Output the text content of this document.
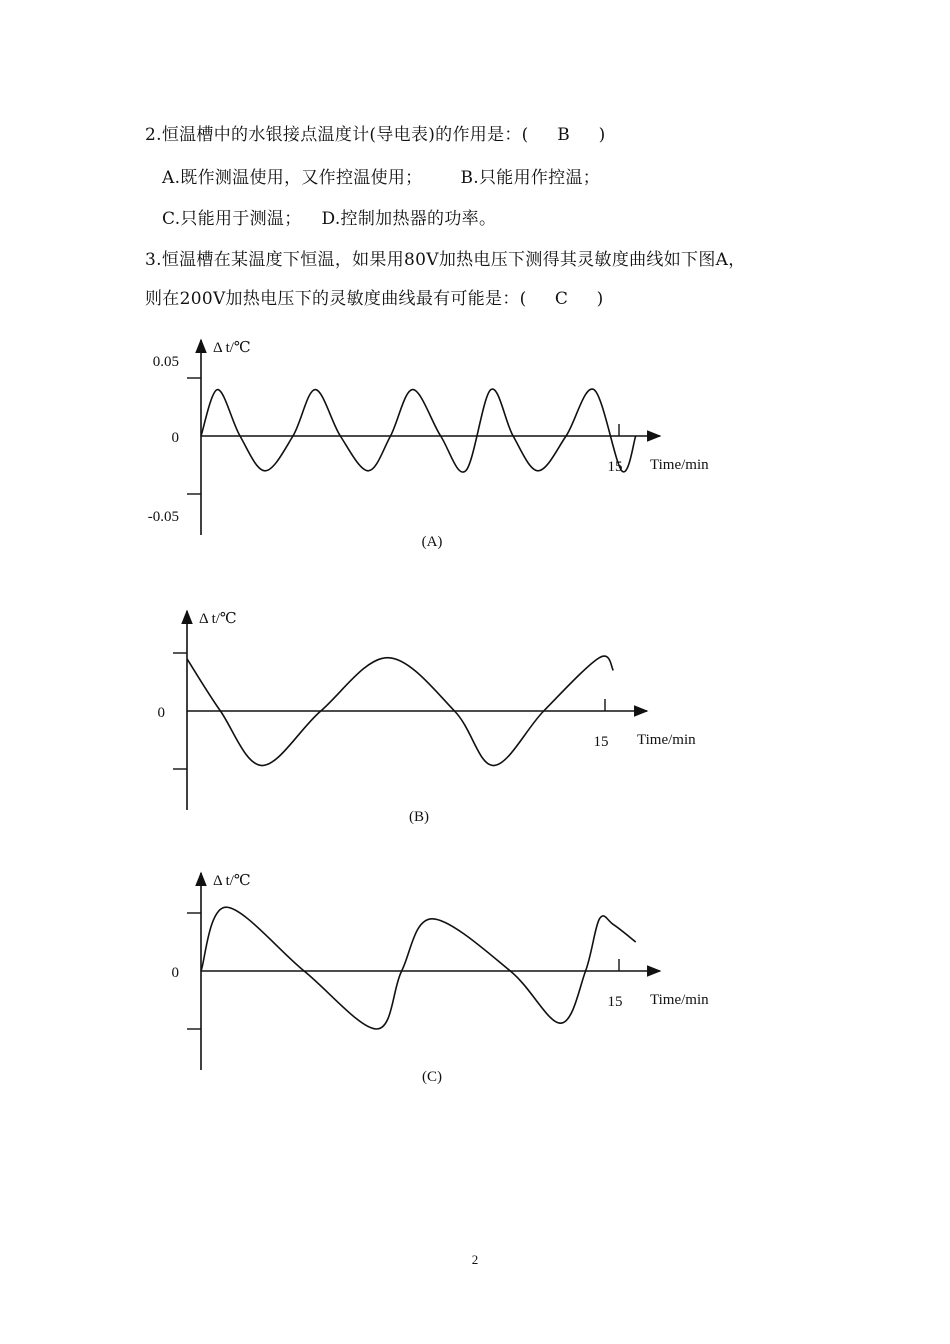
2.恒温槽中的水银接点温度计(导电表)的作用是：( B )
A.既作测温使用，又作控温使用； B.只能用作控温；
C.只能用于测温； D.控制加热器的功率。
3.恒温槽在某温度下恒温，如果用80V加热电压下测得其灵敏度曲线如下图A，
则在200V加热电压下的灵敏度曲线最有可能是：( C )
0.05
0
-0.05
15
Δ t/℃
Time/min
(A)
0
15
Δ t/℃
Time/min
(B)
0
15
Δ t/℃
Time/min
(C)
2
